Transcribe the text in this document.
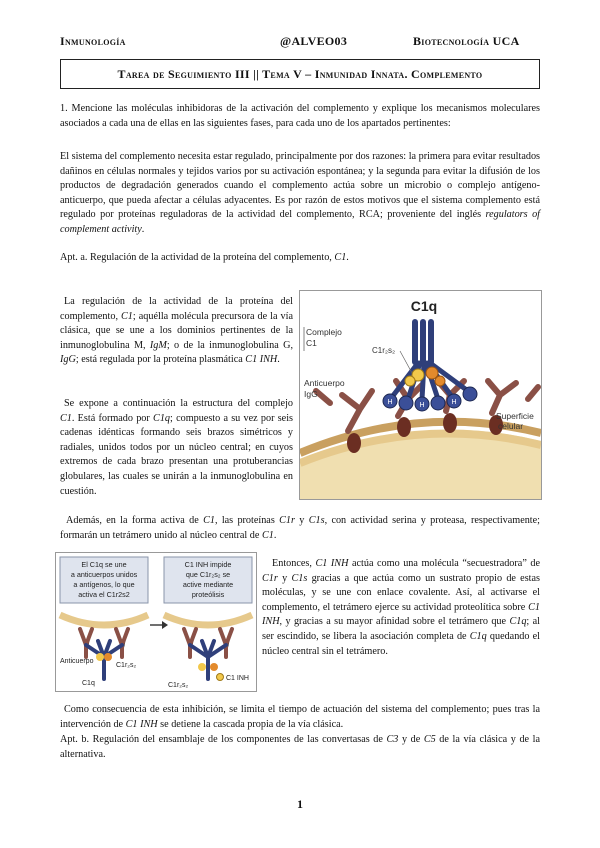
Inmunología	@ALVEO03	Biotecnología UCA
Tarea de Seguimiento III || Tema V – Inmunidad Innata. Complemento

1. Mencione las moléculas inhibidoras de la activación del complemento y explique los mecanismos moleculares asociados a cada una de ellas en las siguientes fases, para cada uno de los apartados pertinentes:

El sistema del complemento necesita estar regulado, principalmente por dos razones: la primera para evitar resultados dañinos en células normales y tejidos varios por su activación espontánea; y la segunda para evitar la difusión de los productos de degradación generados cuando el complemento actúa sobre un microbio o complejo antígeno-anticuerpo, que pueda afectar a células adyacentes. Es por razón de estos motivos que el sistema complemento está regulado por proteínas reguladoras de la actividad del complemento, RCA; proveniente del inglés regulators of complement activity.

Apt. a. Regulación de la actividad de la proteína del complemento, C1.

La regulación de la actividad de la proteína del complemento, C1; aquélla molécula precursora de la vía clásica, que se une a los dominios pertinentes de la inmunoglobulina M, IgM; o de la inmunoglobulina G, IgG; está regulada por la proteína plasmática C1 INH.

Se expone a continuación la estructura del complejo C1. Está formado por C1q; compuesto a su vez por seis cadenas idénticas formando seis brazos simétricos y radiales, unidos todos por un núcleo central; en cuyos extremos de cada brazo presentan una protuberancias globulares, las cuales se unirán a la inmunoglobulina en cuestión.

H	H	H
C1q
Complejo
C1
C1r₂s₂
Anticuerpo
IgG
Superficie
celular

Además, en la forma activa de C1, las proteínas C1r y C1s, con actividad serina y proteasa, respectivamente; formarán un tetrámero unido al núcleo central de C1.

El C1q se une
a anticuerpos unidos
a antígenos, lo que
activa el C1r2s2
C1 INH impide
que C1r₂s₂ se
active mediante
proteólisis
Anticuerpo
C1r₂s₂
C1q	C1r₂s₂
C1 INH

Entonces, C1 INH actúa como una molécula “secuestradora” de C1r y C1s gracias a que actúa como un sustrato propio de estas moléculas, y se une con enlace covalente. Así, al activarse el complemento, el tetrámero ejerce su actividad proteolítica sobre C1 INH, y gracias a su mayor afinidad sobre el tetrámero que C1q; al ser escindido, se libera la asociación completa de C1q quedando el núcleo central sin el tetrámero.

Como consecuencia de esta inhibición, se limita el tiempo de actuación del sistema del complemento; pues tras la intervención de C1 INH se detiene la cascada propia de la vía clásica.

Apt. b. Regulación del ensamblaje de los componentes de las convertasas de C3 y de C5 de la vía clásica y de la alternativa.

1
